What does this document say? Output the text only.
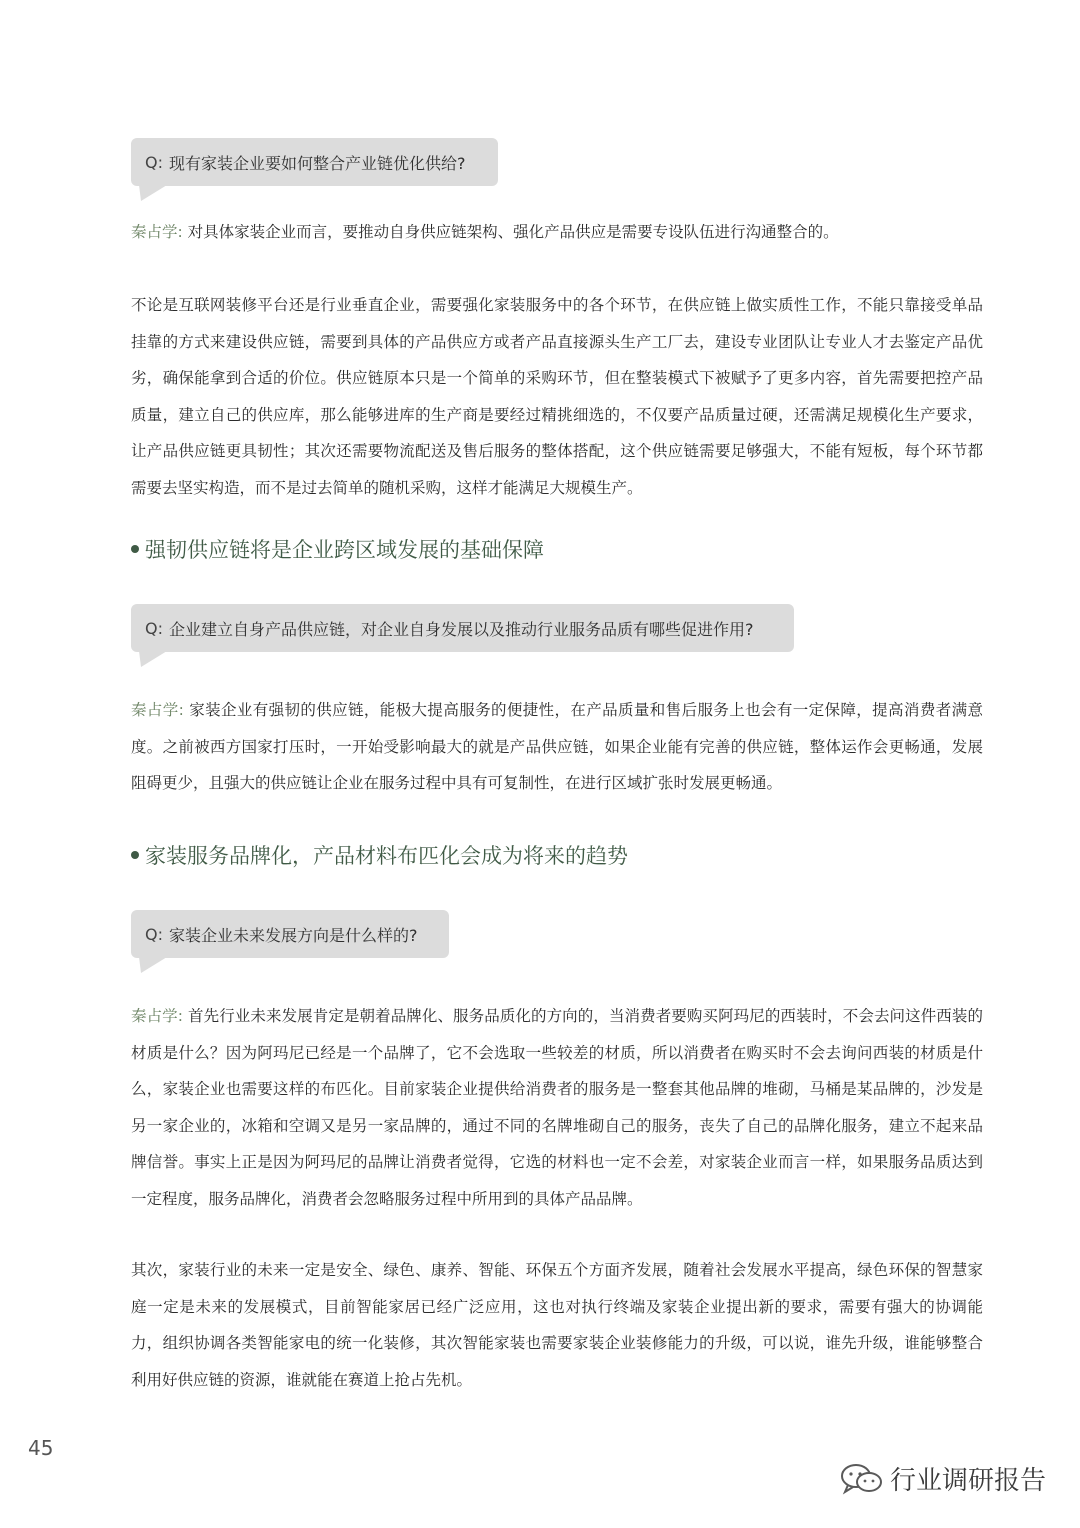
Q: 现有家装企业要如何整合产业链优化供给?

秦占学: 对具体家装企业而言，要推动自身供应链架构、强化产品供应是需要专设队伍进行沟通整合的。

不论是互联网装修平台还是行业垂直企业，需要强化家装服务中的各个环节，在供应链上做实质性工作，不能只靠接受单品挂靠的方式来建设供应链，需要到具体的产品供应方或者产品直接源头生产工厂去，建设专业团队让专业人才去鉴定产品优劣，确保能拿到合适的价位。供应链原本只是一个简单的采购环节，但在整装模式下被赋予了更多内容，首先需要把控产品质量，建立自己的供应库，那么能够进库的生产商是要经过精挑细选的，不仅要产品质量过硬，还需满足规模化生产要求，让产品供应链更具韧性；其次还需要物流配送及售后服务的整体搭配，这个供应链需要足够强大，不能有短板，每个环节都需要去坚实构造，而不是过去简单的随机采购，这样才能满足大规模生产。

强韧供应链将是企业跨区域发展的基础保障
Q: 企业建立自身产品供应链，对企业自身发展以及推动行业服务品质有哪些促进作用?

秦占学: 家装企业有强韧的供应链，能极大提高服务的便捷性，在产品质量和售后服务上也会有一定保障，提高消费者满意度。之前被西方国家打压时，一开始受影响最大的就是产品供应链，如果企业能有完善的供应链，整体运作会更畅通，发展阻碍更少，且强大的供应链让企业在服务过程中具有可复制性，在进行区域扩张时发展更畅通。

家装服务品牌化，产品材料布匹化会成为将来的趋势
Q: 家装企业未来发展方向是什么样的?

秦占学: 首先行业未来发展肯定是朝着品牌化、服务品质化的方向的，当消费者要购买阿玛尼的西装时，不会去问这件西装的材质是什么？因为阿玛尼已经是一个品牌了，它不会选取一些较差的材质，所以消费者在购买时不会去询问西装的材质是什么，家装企业也需要这样的布匹化。目前家装企业提供给消费者的服务是一整套其他品牌的堆砌，马桶是某品牌的，沙发是另一家企业的，冰箱和空调又是另一家品牌的，通过不同的名牌堆砌自己的服务，丧失了自己的品牌化服务，建立不起来品牌信誉。事实上正是因为阿玛尼的品牌让消费者觉得，它选的材料也一定不会差，对家装企业而言一样，如果服务品质达到一定程度，服务品牌化，消费者会忽略服务过程中所用到的具体产品品牌。

其次，家装行业的未来一定是安全、绿色、康养、智能、环保五个方面齐发展，随着社会发展水平提高，绿色环保的智慧家庭一定是未来的发展模式，目前智能家居已经广泛应用，这也对执行终端及家装企业提出新的要求，需要有强大的协调能力，组织协调各类智能家电的统一化装修，其次智能家装也需要家装企业装修能力的升级，可以说，谁先升级，谁能够整合利用好供应链的资源，谁就能在赛道上抢占先机。

45
行业调研报告
